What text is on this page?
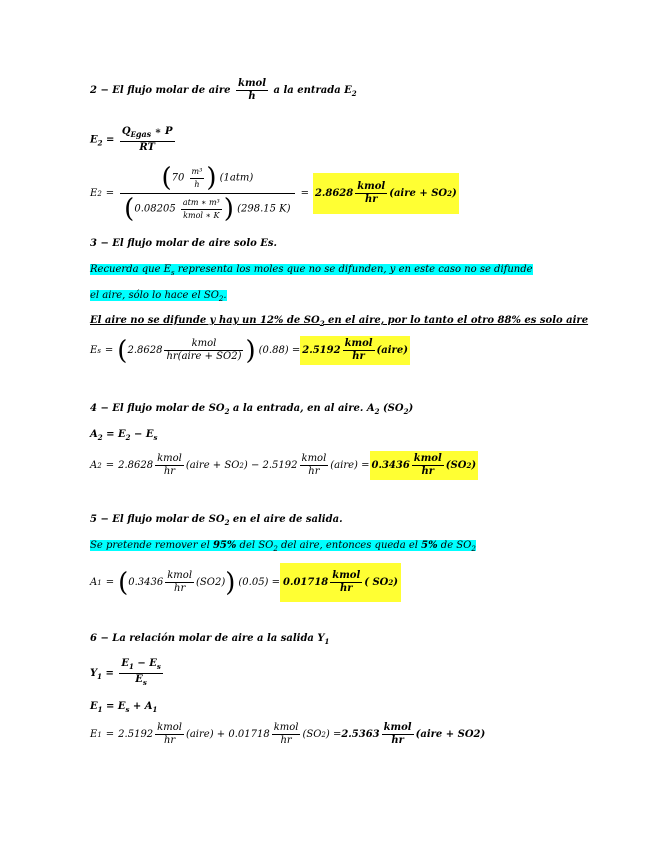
2 − El flujo molar de aire $\frac{\text{kmol}}{h}$ a la entrada $E_2$
$E_2 = \frac{Q_{Egas} ∗ P}{RT}$
E $2 = \frac{(70 \frac{\text{m³}}{h} ) (1atm)}{(0.08205 \frac{\text{atm ∗ m³}}{\text{kmol ∗ K}} ) (298.15 K)} = 2.8628 \frac{\text{kmol}}{hr}$ (aire + SO 2 )
3 − El flujo molar de aire solo Es.
Recuerda que $E_s$ representa los moles que no se difunden, y en este caso no se difunde
el aire, sólo lo hace el $SO_2$.
El aire no se difunde y hay un 12% de $SO_2$ en el aire, por lo tanto el otro 88% es solo aire
E s = ( $2.8628 \frac{\text{kmol}}{\text{hr(aire + SO2)}}$ ) $(0.88) = 2.5192 \frac{\text{kmol}}{hr}$ (aire)
4 − El flujo molar de $SO_2$ a la entrada, en al aire. $A_2$ $(SO_2)$
$A_2 = E_2 - E_s$
A $2 = 2.8628 \frac{\text{kmol}}{hr}$ (aire + SO 2 ) − $2.5192 \frac{\text{kmol}}{hr}$ (aire) = $0.3436 \frac{\text{kmol}}{hr} (SO$ 2 )
5 − El flujo molar de $SO_2$ en el aire de salida.
Se pretende remover el 95% del $SO_2$ del aire, entonces queda el 5% de $SO_2$
A 1 = ( $0.3436 \frac{\text{kmol}}{hr} (SO2)$ ) $(0.05) = 0.01718 \frac{\text{kmol}}{hr}$ ( SO 2 )
6 − La relación molar de aire a la salida $Y_1$
$Y_1 = \frac{E_1 - E_s}{E_s}$
$E_1 = E_s + A_1$
E $1 = 2.5192 \frac{\text{kmol}}{hr}$ (aire) + $0.01718 \frac{\text{kmol}}{hr} (SO$ 2 ) = $2.5363 \frac{\text{kmol}}{hr}$ (aire + SO2)
